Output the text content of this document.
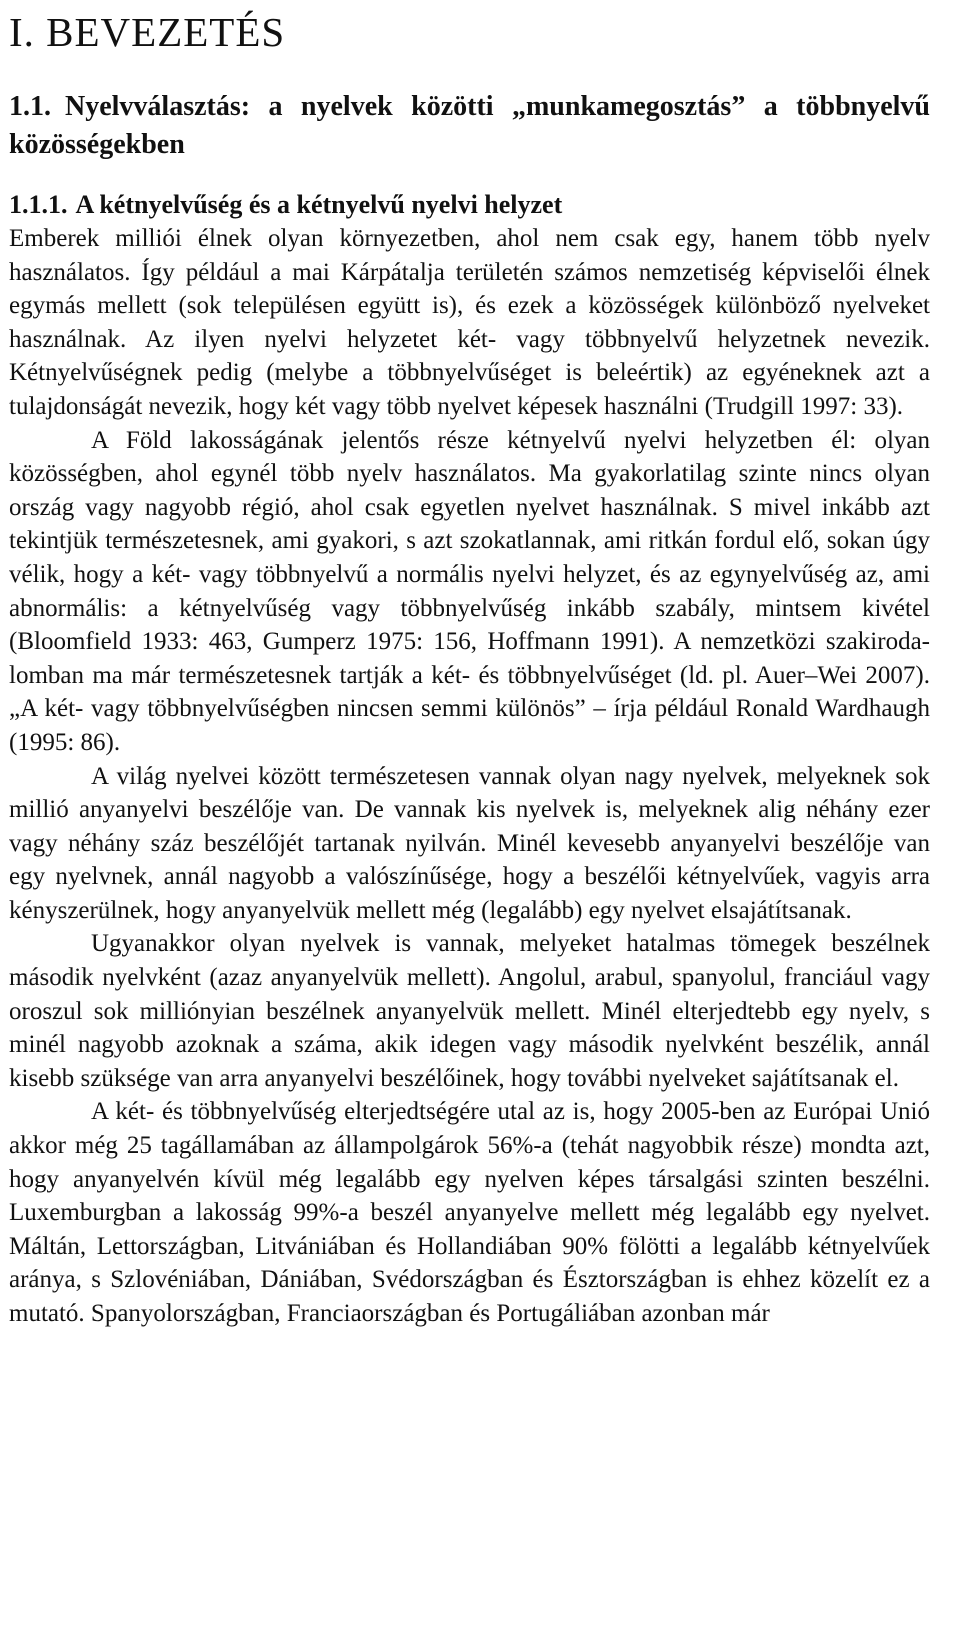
I. BEVEZETÉS
1.1. Nyelvválasztás: a nyelvek közötti „munkamegosztás” a többnyelvű közösségekben
1.1.1. A kétnyelvűség és a kétnyelvű nyelvi helyzet

Emberek milliói élnek olyan környezetben, ahol nem csak egy, hanem több nyelv használatos. Így például a mai Kárpátalja területén számos nemzetiség képviselői élnek egymás mellett (sok településen együtt is), és ezek a közösségek különböző nyelveket használnak. Az ilyen nyelvi helyzetet két- vagy többnyelvű helyzetnek nevezik. Kétnyelvűségnek pedig (melybe a többnyelvűséget is beleértik) az egyéneknek azt a tulajdonságát nevezik, hogy két vagy több nyelvet képesek használni (Trudgill 1997: 33).

A Föld lakosságának jelentős része kétnyelvű nyelvi helyzetben él: olyan közösségben, ahol egynél több nyelv használatos. Ma gyakorlatilag szinte nincs olyan ország vagy nagyobb régió, ahol csak egyetlen nyelvet használnak. S mivel inkább azt tekintjük természetesnek, ami gyakori, s azt szokatlannak, ami ritkán fordul elő, sokan úgy vélik, hogy a két- vagy többnyelvű a normális nyelvi helyzet, és az egynyelvűség az, ami abnormális: a kétnyelvűség vagy többnyelvűség inkább szabály, mintsem kivétel (Bloomfield 1933: 463, Gumperz 1975: 156, Hoffmann 1991). A nemzetközi szakirodalomban ma már természetesnek tartják a két- és többnyelvűséget (ld. pl. Auer–Wei 2007). „A két- vagy többnyelvűségben nincsen semmi különös” – írja például Ronald Wardhaugh (1995: 86).

A világ nyelvei között természetesen vannak olyan nagy nyelvek, melyeknek sok millió anyanyelvi beszélője van. De vannak kis nyelvek is, melyeknek alig néhány ezer vagy néhány száz beszélőjét tartanak nyilván. Minél kevesebb anyanyelvi beszélője van egy nyelvnek, annál nagyobb a valószínűsége, hogy a beszélői kétnyelvűek, vagyis arra kényszerülnek, hogy anyanyelvük mellett még (legalább) egy nyelvet elsajátítsanak.

Ugyanakkor olyan nyelvek is vannak, melyeket hatalmas tömegek beszélnek második nyelvként (azaz anyanyelvük mellett). Angolul, arabul, spanyolul, franciául vagy oroszul sok milliónyian beszélnek anyanyelvük mellett. Minél elterjedtebb egy nyelv, s minél nagyobb azoknak a száma, akik idegen vagy második nyelvként beszélik, annál kisebb szüksége van arra anyanyelvi beszélőinek, hogy további nyelveket sajátítsanak el.

A két- és többnyelvűség elterjedtségére utal az is, hogy 2005-ben az Európai Unió akkor még 25 tagállamában az állampolgárok 56%-a (tehát nagyobbik része) mondta azt, hogy anyanyelvén kívül még legalább egy nyelven képes társalgási szinten beszélni. Luxemburgban a lakosság 99%-a beszél anyanyelve mellett még legalább egy nyelvet. Máltán, Lettországban, Litvániában és Hollandiában 90% fölötti a legalább kétnyelvűek aránya, s Szlovéniában, Dániában, Svédországban és Észtországban is ehhez közelít ez a mutató. Spanyolországban, Franciaországban és Portugáliában azonban már
